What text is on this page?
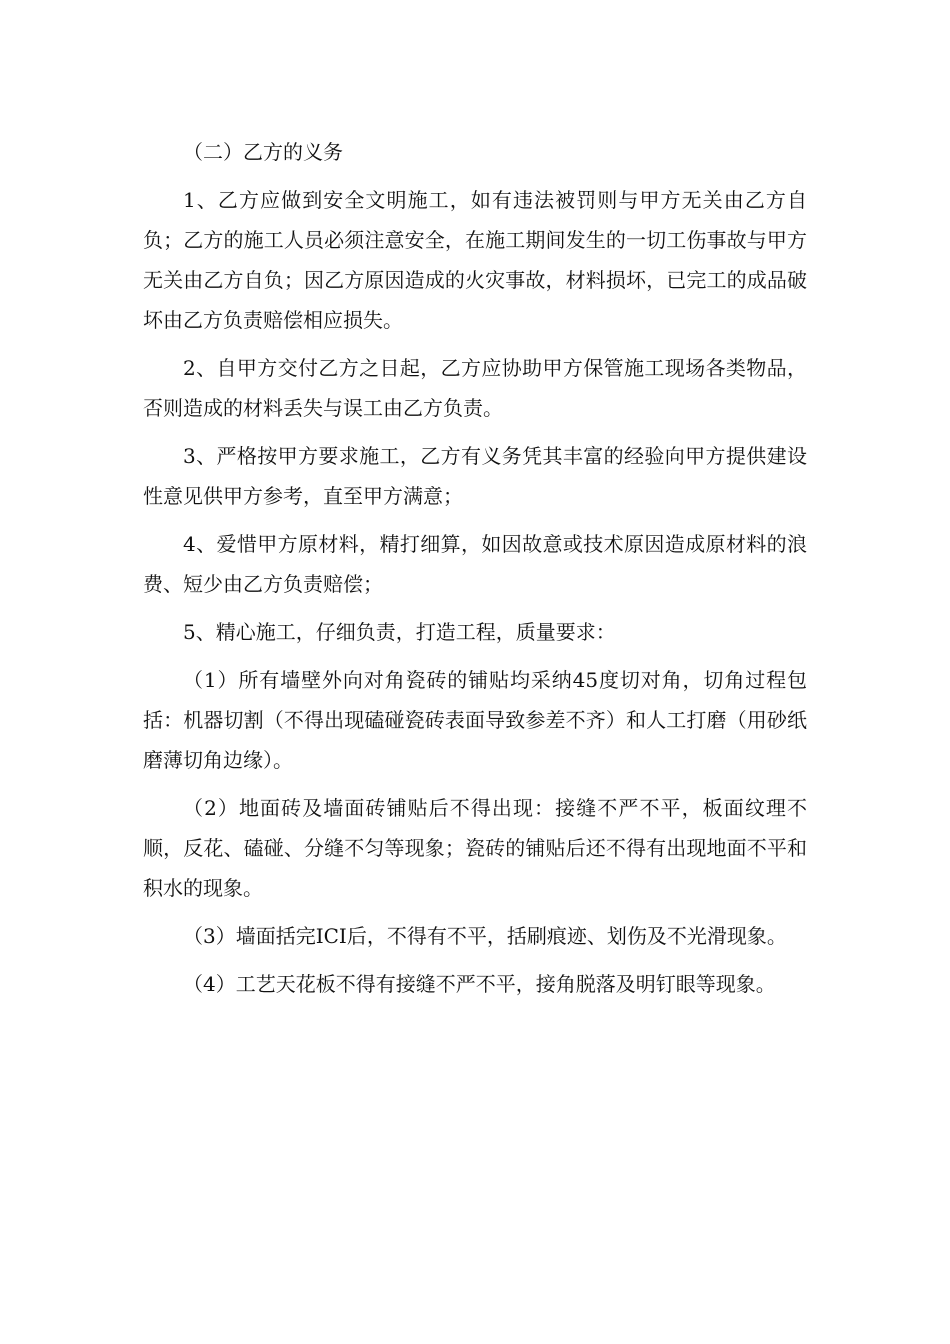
（二）乙方的义务

1、乙方应做到安全文明施工，如有违法被罚则与甲方无关由乙方自负；乙方的施工人员必须注意安全，在施工期间发生的一切工伤事故与甲方无关由乙方自负；因乙方原因造成的火灾事故，材料损坏，已完工的成品破坏由乙方负责赔偿相应损失。

2、自甲方交付乙方之日起，乙方应协助甲方保管施工现场各类物品，否则造成的材料丢失与误工由乙方负责。

3、严格按甲方要求施工，乙方有义务凭其丰富的经验向甲方提供建设性意见供甲方参考，直至甲方满意；

4、爱惜甲方原材料，精打细算，如因故意或技术原因造成原材料的浪费、短少由乙方负责赔偿；

5、精心施工，仔细负责，打造工程，质量要求：

（1）所有墙壁外向对角瓷砖的铺贴均采纳45度切对角，切角过程包括：机器切割（不得出现磕碰瓷砖表面导致参差不齐）和人工打磨（用砂纸磨薄切角边缘）。

（2）地面砖及墙面砖铺贴后不得出现：接缝不严不平，板面纹理不顺，反花、磕碰、分缝不匀等现象；瓷砖的铺贴后还不得有出现地面不平和积水的现象。

（3）墙面括完ICI后，不得有不平，括刷痕迹、划伤及不光滑现象。

（4）工艺天花板不得有接缝不严不平，接角脱落及明钉眼等现象。
